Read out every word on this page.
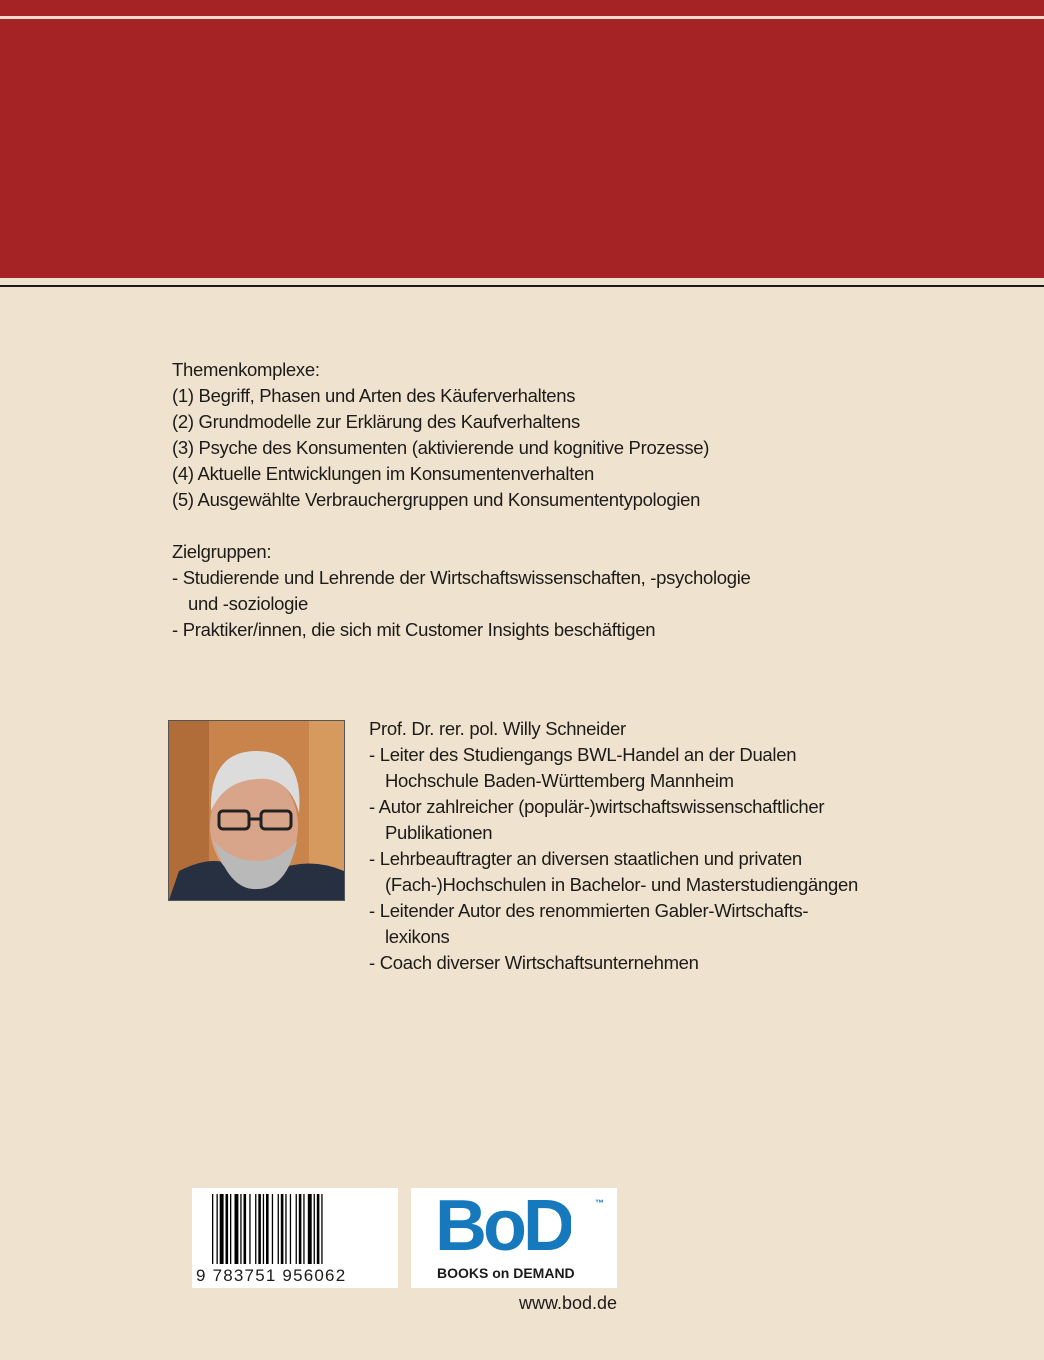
Themenkomplexe:
(1) Begriff, Phasen und Arten des Käuferverhaltens
(2) Grundmodelle zur Erklärung des Kaufverhaltens
(3) Psyche des Konsumenten (aktivierende und kognitive Prozesse)
(4) Aktuelle Entwicklungen im Konsumentenverhalten
(5) Ausgewählte Verbrauchergruppen und Konsumententypologien
Zielgruppen:
- Studierende und Lehrende der Wirtschaftswissenschaften, -psychologie
und -soziologie
- Praktiker/innen, die sich mit Customer Insights beschäftigen
Prof. Dr. rer. pol. Willy Schneider
- Leiter des Studiengangs BWL-Handel an der Dualen
Hochschule Baden-Württemberg Mannheim
- Autor zahlreicher (populär-)wirtschaftswissenschaftlicher
Publikationen
- Lehrbeauftragter an diversen staatlichen und privaten
(Fach-)Hochschulen in Bachelor- und Masterstudiengängen
- Leitender Autor des renommierten Gabler-Wirtschafts-
lexikons
- Coach diverser Wirtschaftsunternehmen
9 783751 956062
BoD	™
BOOKS on DEMAND
www.bod.de
